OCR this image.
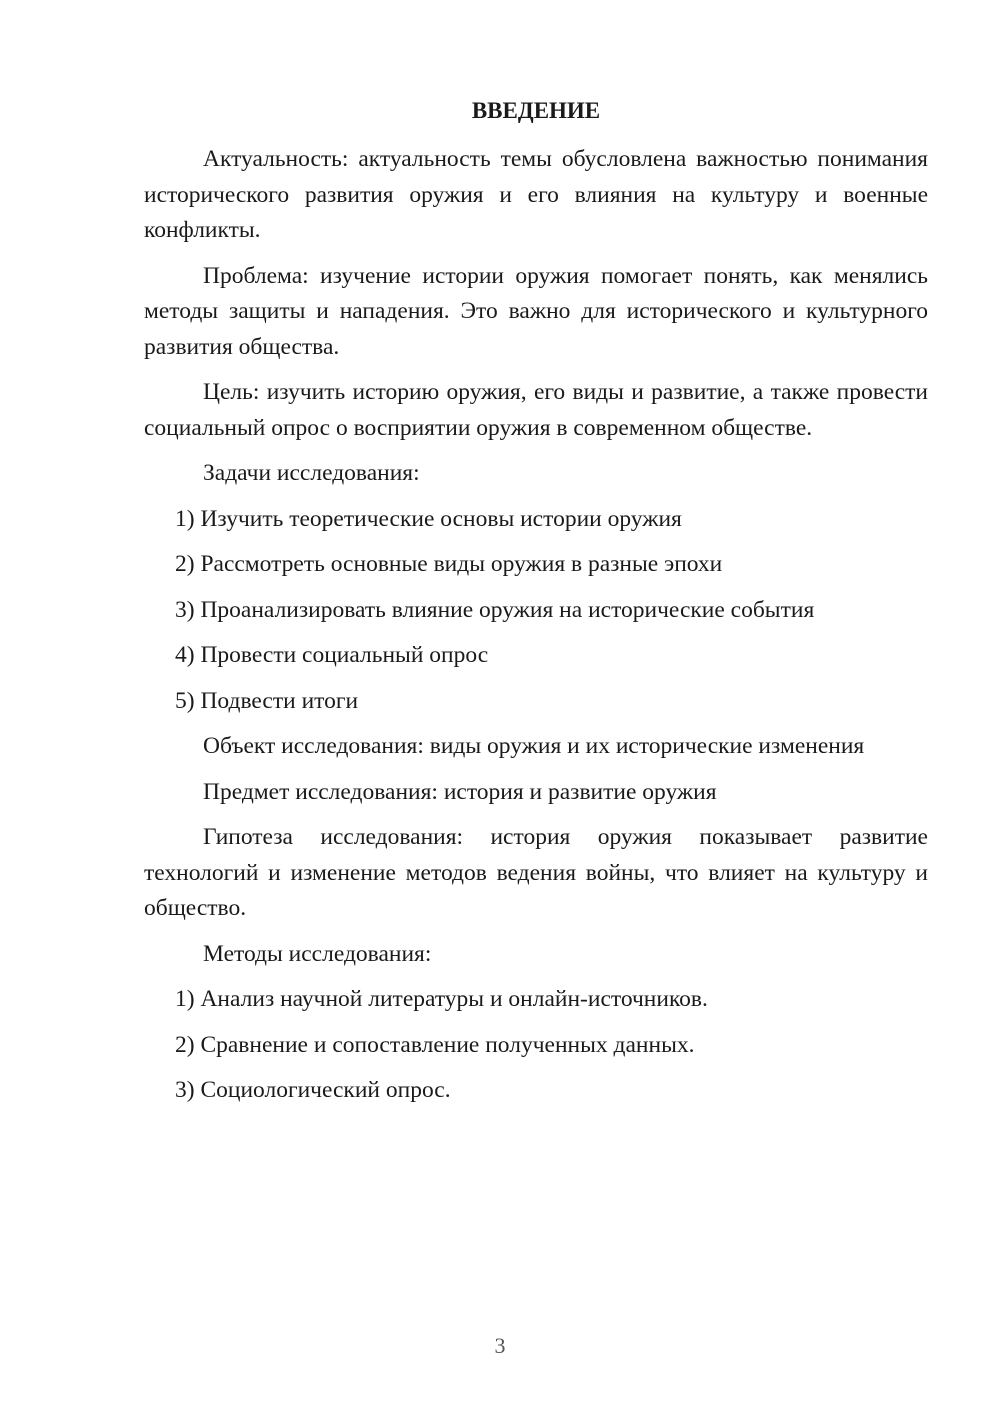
ВВЕДЕНИЕ

Актуальность: актуальность темы обусловлена важностью понимания исторического развития оружия и его влияния на культуру и военные конфликты.

Проблема: изучение истории оружия помогает понять, как менялись методы защиты и нападения. Это важно для исторического и культурного развития общества.

Цель: изучить историю оружия, его виды и развитие, а также провести социальный опрос о восприятии оружия в современном обществе.

Задачи исследования:

1) Изучить теоретические основы истории оружия

2) Рассмотреть основные виды оружия в разные эпохи

3) Проанализировать влияние оружия на исторические события

4) Провести социальный опрос

5) Подвести итоги

Объект исследования: виды оружия и их исторические изменения

Предмет исследования: история и развитие оружия

Гипотеза исследования: история оружия показывает развитие технологий и изменение методов ведения войны, что влияет на культуру и общество.

Методы исследования:

1) Анализ научной литературы и онлайн-источников.

2) Сравнение и сопоставление полученных данных.

3) Социологический опрос.

3
